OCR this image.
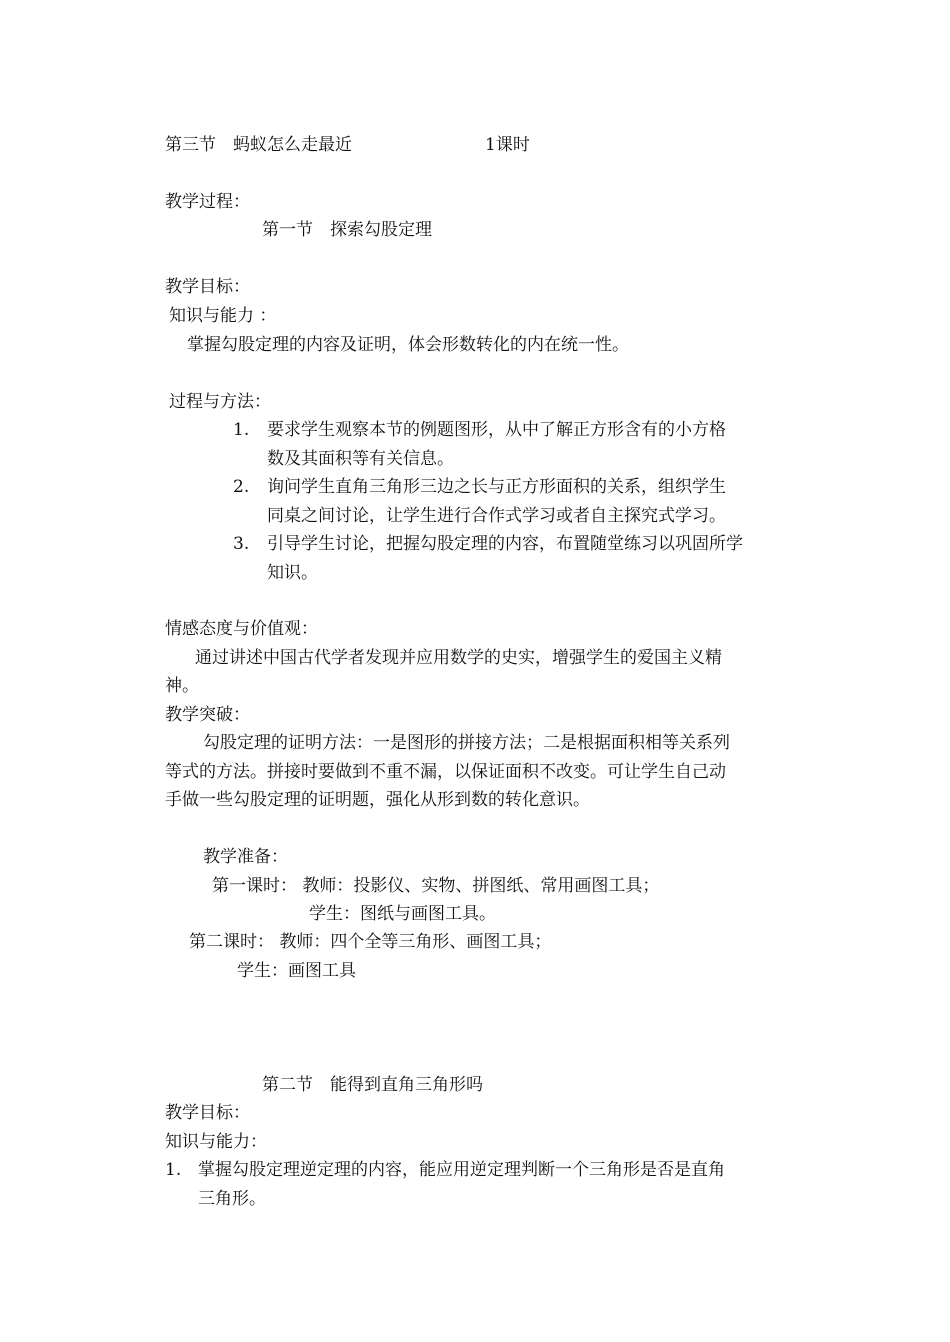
第三节　蚂蚁怎么走最近	1课时
教学过程：
第一节　探索勾股定理
教学目标：
知识与能力 ：
掌握勾股定理的内容及证明，体会形数转化的内在统一性。
过程与方法：
1.	要求学生观察本节的例题图形，从中了解正方形含有的小方格
数及其面积等有关信息。
2.	询问学生直角三角形三边之长与正方形面积的关系，组织学生
同桌之间讨论，让学生进行合作式学习或者自主探究式学习。
3.	引导学生讨论，把握勾股定理的内容，布置随堂练习以巩固所学
知识。
情感态度与价值观：
通过讲述中国古代学者发现并应用数学的史实，增强学生的爱国主义精
神。
教学突破：
勾股定理的证明方法：一是图形的拼接方法；二是根据面积相等关系列
等式的方法。拼接时要做到不重不漏，以保证面积不改变。可让学生自己动
手做一些勾股定理的证明题，强化从形到数的转化意识。
教学准备：
第一课时： 教师：投影仪、实物、拼图纸、常用画图工具；
学生：图纸与画图工具。
第二课时： 教师：四个全等三角形、画图工具；
学生：画图工具
第二节　能得到直角三角形吗
教学目标：
知识与能力：
1. 掌握勾股定理逆定理的内容，能应用逆定理判断一个三角形是否是直角
三角形。
